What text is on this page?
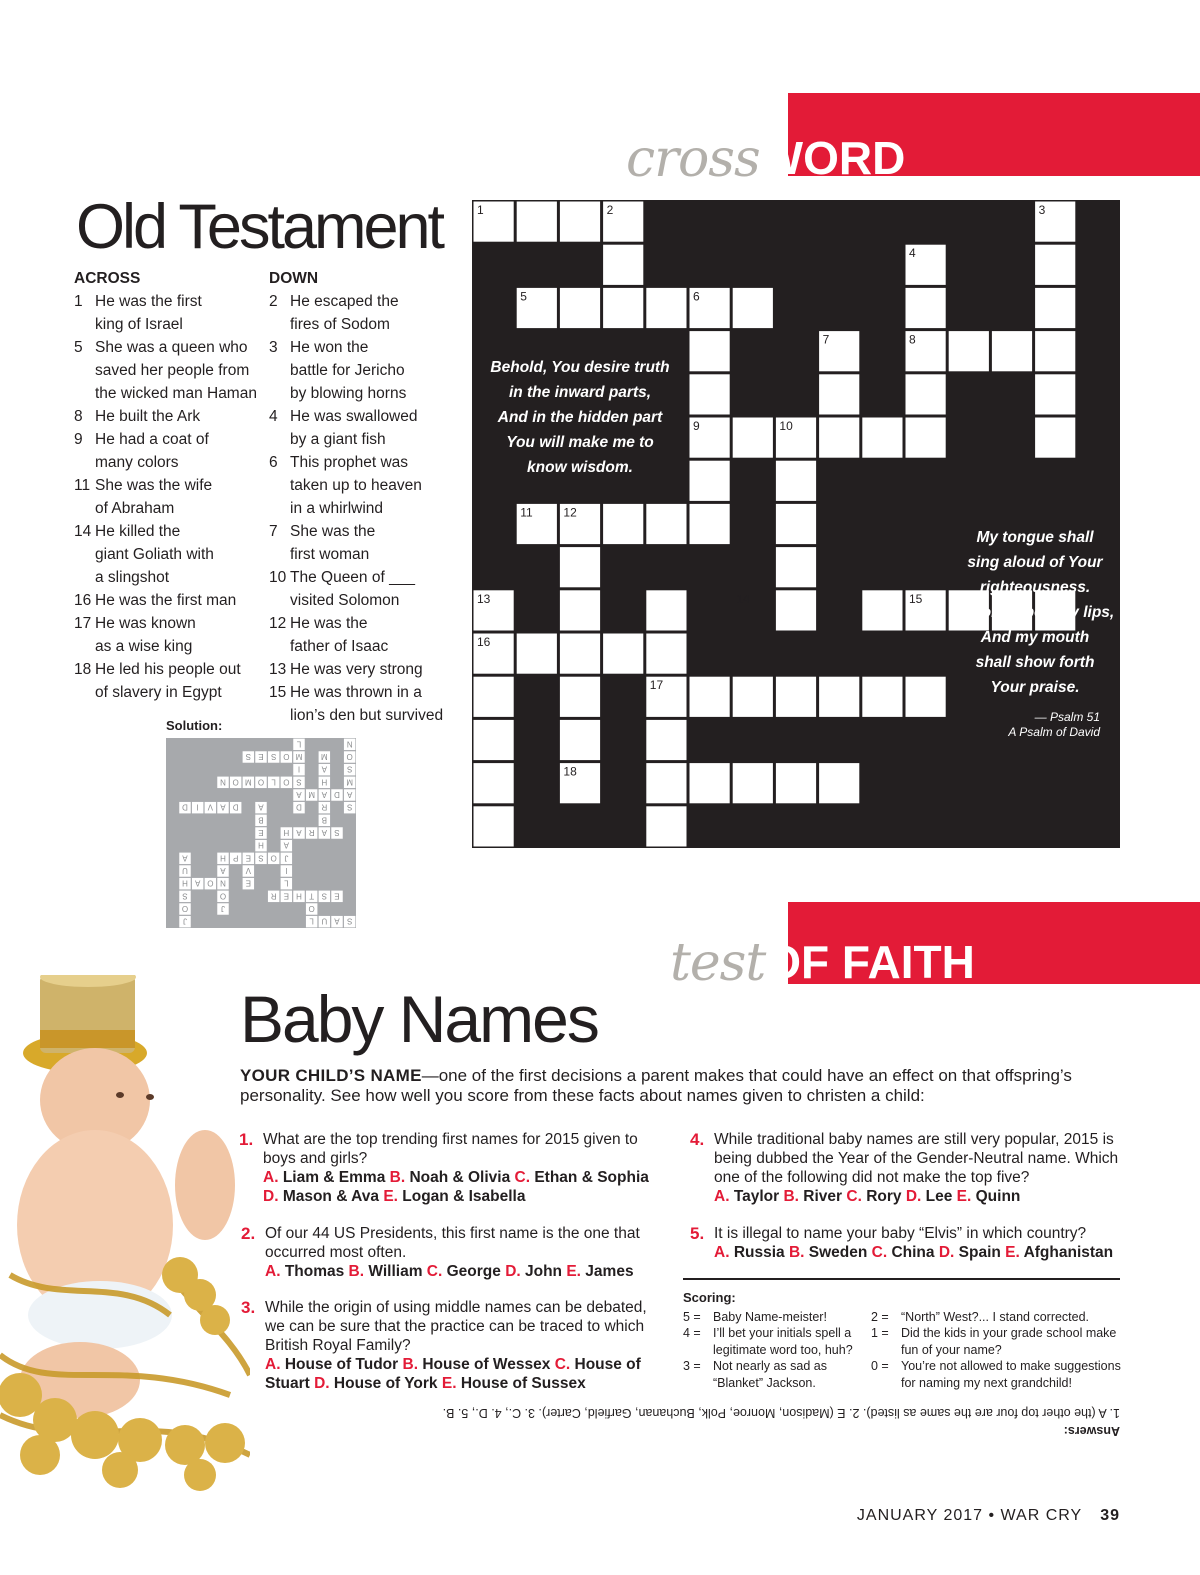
crossWORD
Old Testament
ACROSS
1 He was the first
king of Israel
5 She was a queen who
saved her people from
the wicked man Haman
8 He built the Ark
9 He had a coat of
many colors
11 She was the wife
of Abraham
14 He killed the
giant Goliath with
a slingshot
16 He was the first man
17 He was known
as a wise king
18 He led his people out
of slavery in Egypt
DOWN
2 He escaped the
fires of Sodom
3 He won the
battle for Jericho
by blowing horns
4 He was swallowed
by a giant fish
6 This prophet was
taken up to heaven
in a whirlwind
7 She was the
first woman
10 The Queen of ___
visited Solomon
12 He was the
father of Isaac
13 He was very strong
15 He was thrown in a
lion’s den but survived
Solution:
S
A
U
L
O
T
J
O
S
H
U
A
E
S
H
E
R
J
O
N
A
H
L
I
J
A
H
E
V
E
O
A
O
S
P
H
E
B
A
S
A
R
A
B
R
A
H
A
M
S
A
M
S
O
N
D
A
S
I
M
L
D
A
V
I
D
D
M
O
L
O
M
O
N
O
S
E
S
1	2	3
4
5	6
7	8
9	10
11	12
13	14	15
16
17
18
Behold, You desire truth
in the inward parts,
And in the hidden part
You will make me to
know wisdom.
My tongue shall
sing aloud of Your
righteousness.
O Lord, open my lips,
And my mouth
shall show forth
Your praise.
— Psalm 51
A Psalm of David
testOF FAITH
Baby Names
YOUR CHILD’S NAME—one of the first decisions a parent makes that could have an effect on that offspring’s personality. See how well you score from these facts about names given to christen a child:
1. What are the top trending first names for 2015 given to boys and girls?
A. Liam & Emma B. Noah & Olivia C. Ethan & Sophia D. Mason & Ava E. Logan & Isabella
2. Of our 44 US Presidents, this first name is the one that occurred most often.
A. Thomas B. William C. George D. John E. James
3. While the origin of using middle names can be debated, we can be sure that the practice can be traced to which British Royal Family?
A. House of Tudor B. House of Wessex C. House of Stuart D. House of York E. House of Sussex
4. While traditional baby names are still very popular, 2015 is being dubbed the Year of the Gender-Neutral name. Which one of the following did not make the top five?
A. Taylor B. River C. Rory D. Lee E. Quinn
5. It is illegal to name your baby “Elvis” in which country?
A. Russia B. Sweden C. China D. Spain E. Afghanistan
Scoring:
5 = Baby Name-meister!
4 = I’ll bet your initials spell a legitimate word too, huh?
3 = Not nearly as sad as “Blanket” Jackson.
2 = “North” West?... I stand corrected.
1 = Did the kids in your grade school make fun of your name?
0 = You’re not allowed to make suggestions for naming my next grandchild!
Answers:
1. A (the other top four are the same as listed). 2. E (Madison, Monroe, Polk, Buchanan, Garfield, Carter). 3. C., 4. D., 5. B.
JANUARY 2017 • WAR CRY 39
